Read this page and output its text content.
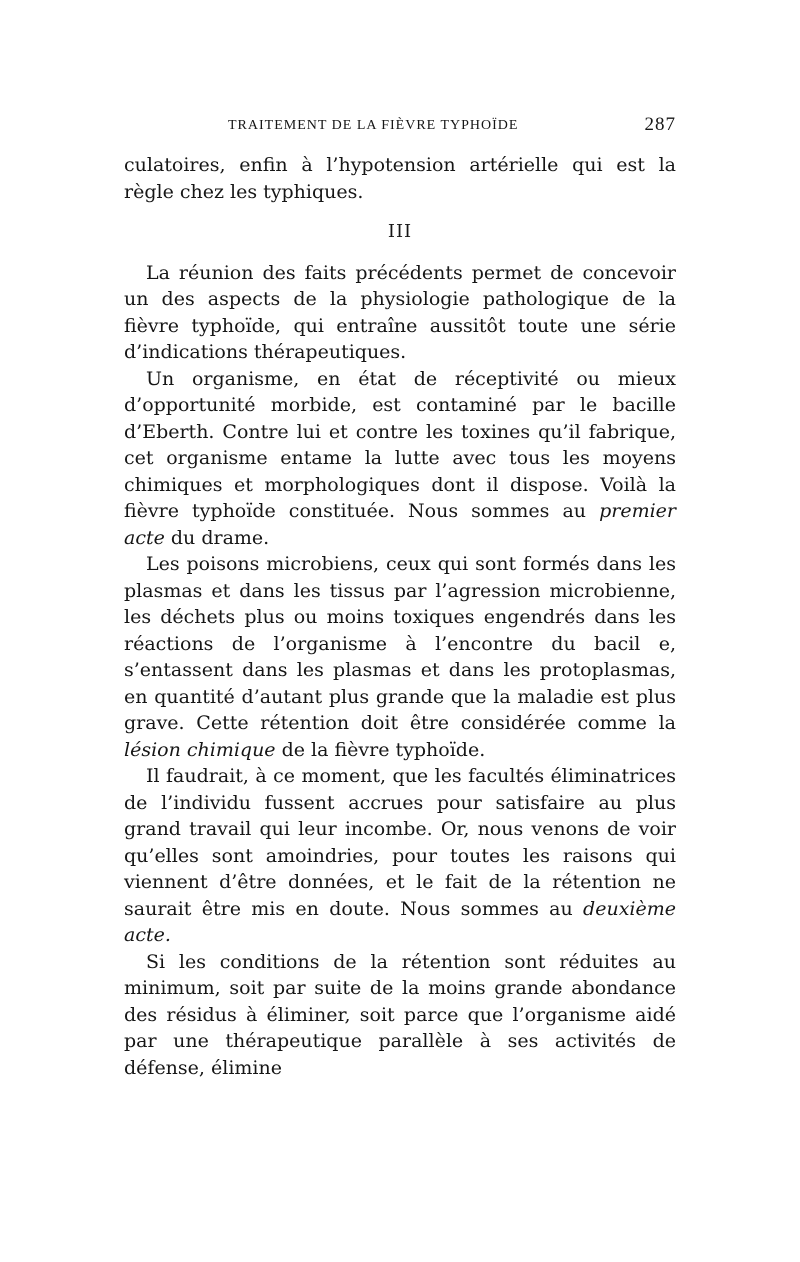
TRAITEMENT DE LA FIÈVRE TYPHOÏDE	287

culatoires, enfin à l’hypotension artérielle qui est la règle chez les typhiques.

III

La réunion des faits précédents permet de concevoir un des aspects de la physiologie pathologique de la fièvre typhoïde, qui entraîne aussitôt toute une série d’indications thérapeutiques.

Un organisme, en état de réceptivité ou mieux d’opportunité morbide, est contaminé par le bacille d’Eberth. Contre lui et contre les toxines qu’il fabrique, cet organisme entame la lutte avec tous les moyens chimiques et morphologiques dont il dispose. Voilà la fièvre typhoïde constituée. Nous sommes au premier acte du drame.

Les poisons microbiens, ceux qui sont formés dans les plasmas et dans les tissus par l’agression microbienne, les déchets plus ou moins toxiques engendrés dans les réactions de l’organisme à l’encontre du bacil e, s’entassent dans les plasmas et dans les protoplasmas, en quantité d’autant plus grande que la maladie est plus grave. Cette rétention doit être considérée comme la lésion chimique de la fièvre typhoïde.

Il faudrait, à ce moment, que les facultés éliminatrices de l’individu fussent accrues pour satisfaire au plus grand travail qui leur incombe. Or, nous venons de voir qu’elles sont amoindries, pour toutes les raisons qui viennent d’être données, et le fait de la rétention ne saurait être mis en doute. Nous sommes au deuxième acte.

Si les conditions de la rétention sont réduites au minimum, soit par suite de la moins grande abondance des résidus à éliminer, soit parce que l’organisme aidé par une thérapeutique parallèle à ses activités de défense, élimine
